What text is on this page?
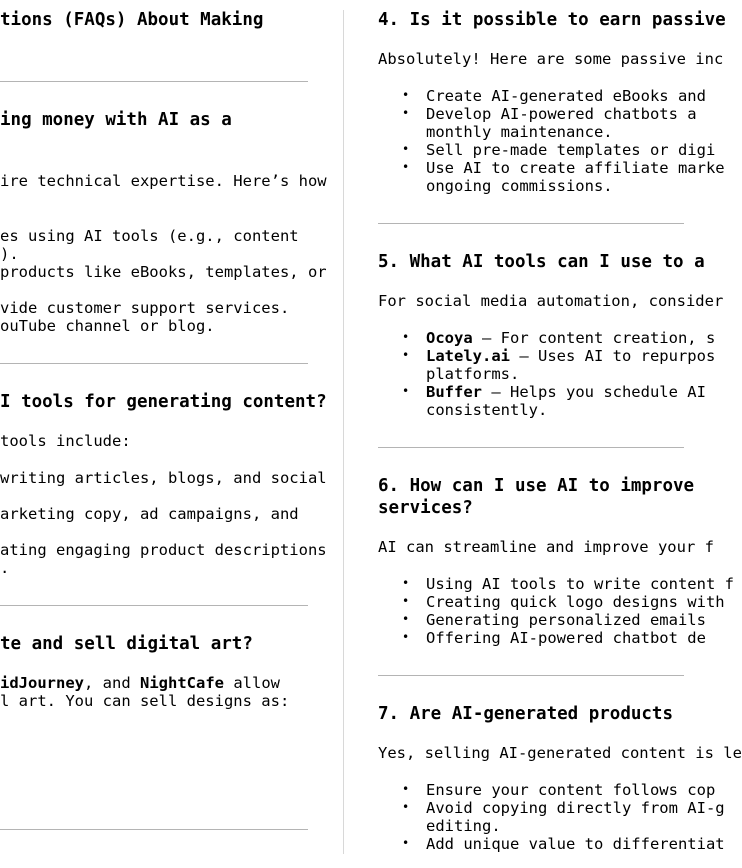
tions (FAQs) About Making
ing money with AI as a
ire technical expertise. Here’s how
es using AI tools (e.g., content
).
products like eBooks, templates, or
vide customer support services.
ouTube channel or blog.
I tools for generating content?
tools include:
writing articles, blogs, and social
arketing copy, ad campaigns, and
ating engaging product descriptions
.
te and sell digital art?
idJourney, and NightCafe allow
l art. You can sell designs as:
4. Is it possible to earn passive
Absolutely! Here are some passive inc
• Create AI-generated eBooks and
• Develop AI-powered chatbots a
monthly maintenance.
• Sell pre-made templates or digi
• Use AI to create affiliate marke
ongoing commissions.
5. What AI tools can I use to a
For social media automation, consider
• Ocoya – For content creation, s
• Lately.ai – Uses AI to repurpos
platforms.
• Buffer – Helps you schedule AI
consistently.
6. How can I use AI to improve
services?
AI can streamline and improve your f
• Using AI tools to write content f
• Creating quick logo designs with
• Generating personalized emails
• Offering AI-powered chatbot de
7. Are AI-generated products
Yes, selling AI-generated content is le
• Ensure your content follows cop
• Avoid copying directly from AI-g
editing.
• Add unique value to differentiat
